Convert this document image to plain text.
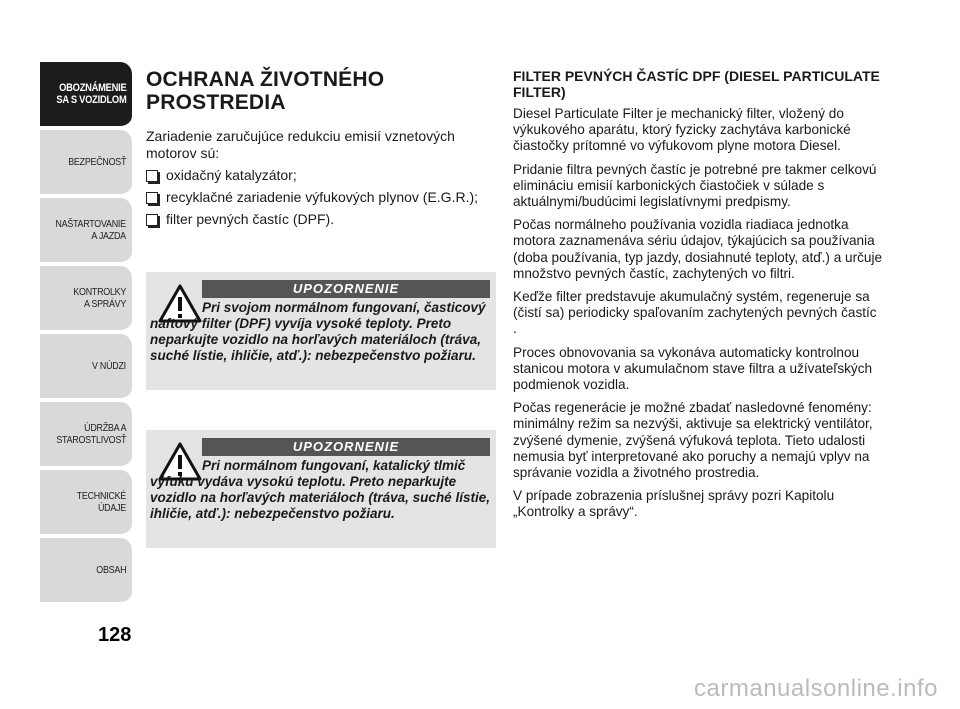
OBOZNÁMENIE
SA S VOZIDLOM
BEZPEČNOSŤ
NAŠTARTOVANIE
A JAZDA
KONTROLKY
A SPRÁVY
V NÚDZI
ÚDRŽBA A
STAROSTLIVOSŤ
TECHNICKÉ
ÚDAJE
OBSAH
128
OCHRANA ŽIVOTNÉHO PROSTREDIA

Zariadenie zaručujúce redukciu emisií vznetových motorov sú:

oxidačný katalyzátor;
recyklačné zariadenie výfukových plynov (E.G.R.);
filter pevných častíc (DPF).
UPOZORNENIE
Pri svojom normálnom fungovaní, časticový naftový filter (DPF) vyvíja vysoké teploty. Preto neparkujte vozidlo na horľavých materiáloch (tráva, suché lístie, ihličie, atď.): nebezpečenstvo požiaru.
UPOZORNENIE
Pri normálnom fungovaní, katalický tlmič výfuku vydáva vysokú teplotu. Preto neparkujte vozidlo na horľavých materiáloch (tráva, suché lístie, ihličie, atď.): nebezpečenstvo požiaru.
FILTER PEVNÝCH ČASTÍC DPF (DIESEL PARTICULATE FILTER)

Diesel Particulate Filter je mechanický filter, vložený do výkukového aparátu, ktorý fyzicky zachytáva karbonické čiastočky prítomné vo výfukovom plyne motora Diesel.

Pridanie filtra pevných častíc je potrebné pre takmer celkovú elimináciu emisií karbonických čiastočiek v súlade s aktuálnymi/budúcimi legislatívnymi predpismy.

Počas normálneho používania vozidla riadiaca jednotka motora zaznamenáva sériu údajov, týkajúcich sa používania (doba používania, typ jazdy, dosiahnuté teploty, atď.) a určuje množstvo pevných častíc, zachytených vo filtri.

Keďže filter predstavuje akumulačný systém, regeneruje sa (čistí sa) periodicky spaľovaním zachytených pevných častíc .

Proces obnovovania sa vykonáva automaticky kontrolnou stanicou motora v akumulačnom stave filtra a užívateľských podmienok vozidla.

Počas regenerácie je možné zbadať nasledovné fenomény: minimálny režim sa nezvýši, aktivuje sa elektrický ventilátor, zvýšené dymenie, zvýšená výfuková teplota. Tieto udalosti nemusia byť interpretované ako poruchy a nemajú vplyv na správanie vozidla a životného prostredia.

V prípade zobrazenia príslušnej správy pozri Kapitolu „Kontrolky a správy“.

carmanualsonline.info
